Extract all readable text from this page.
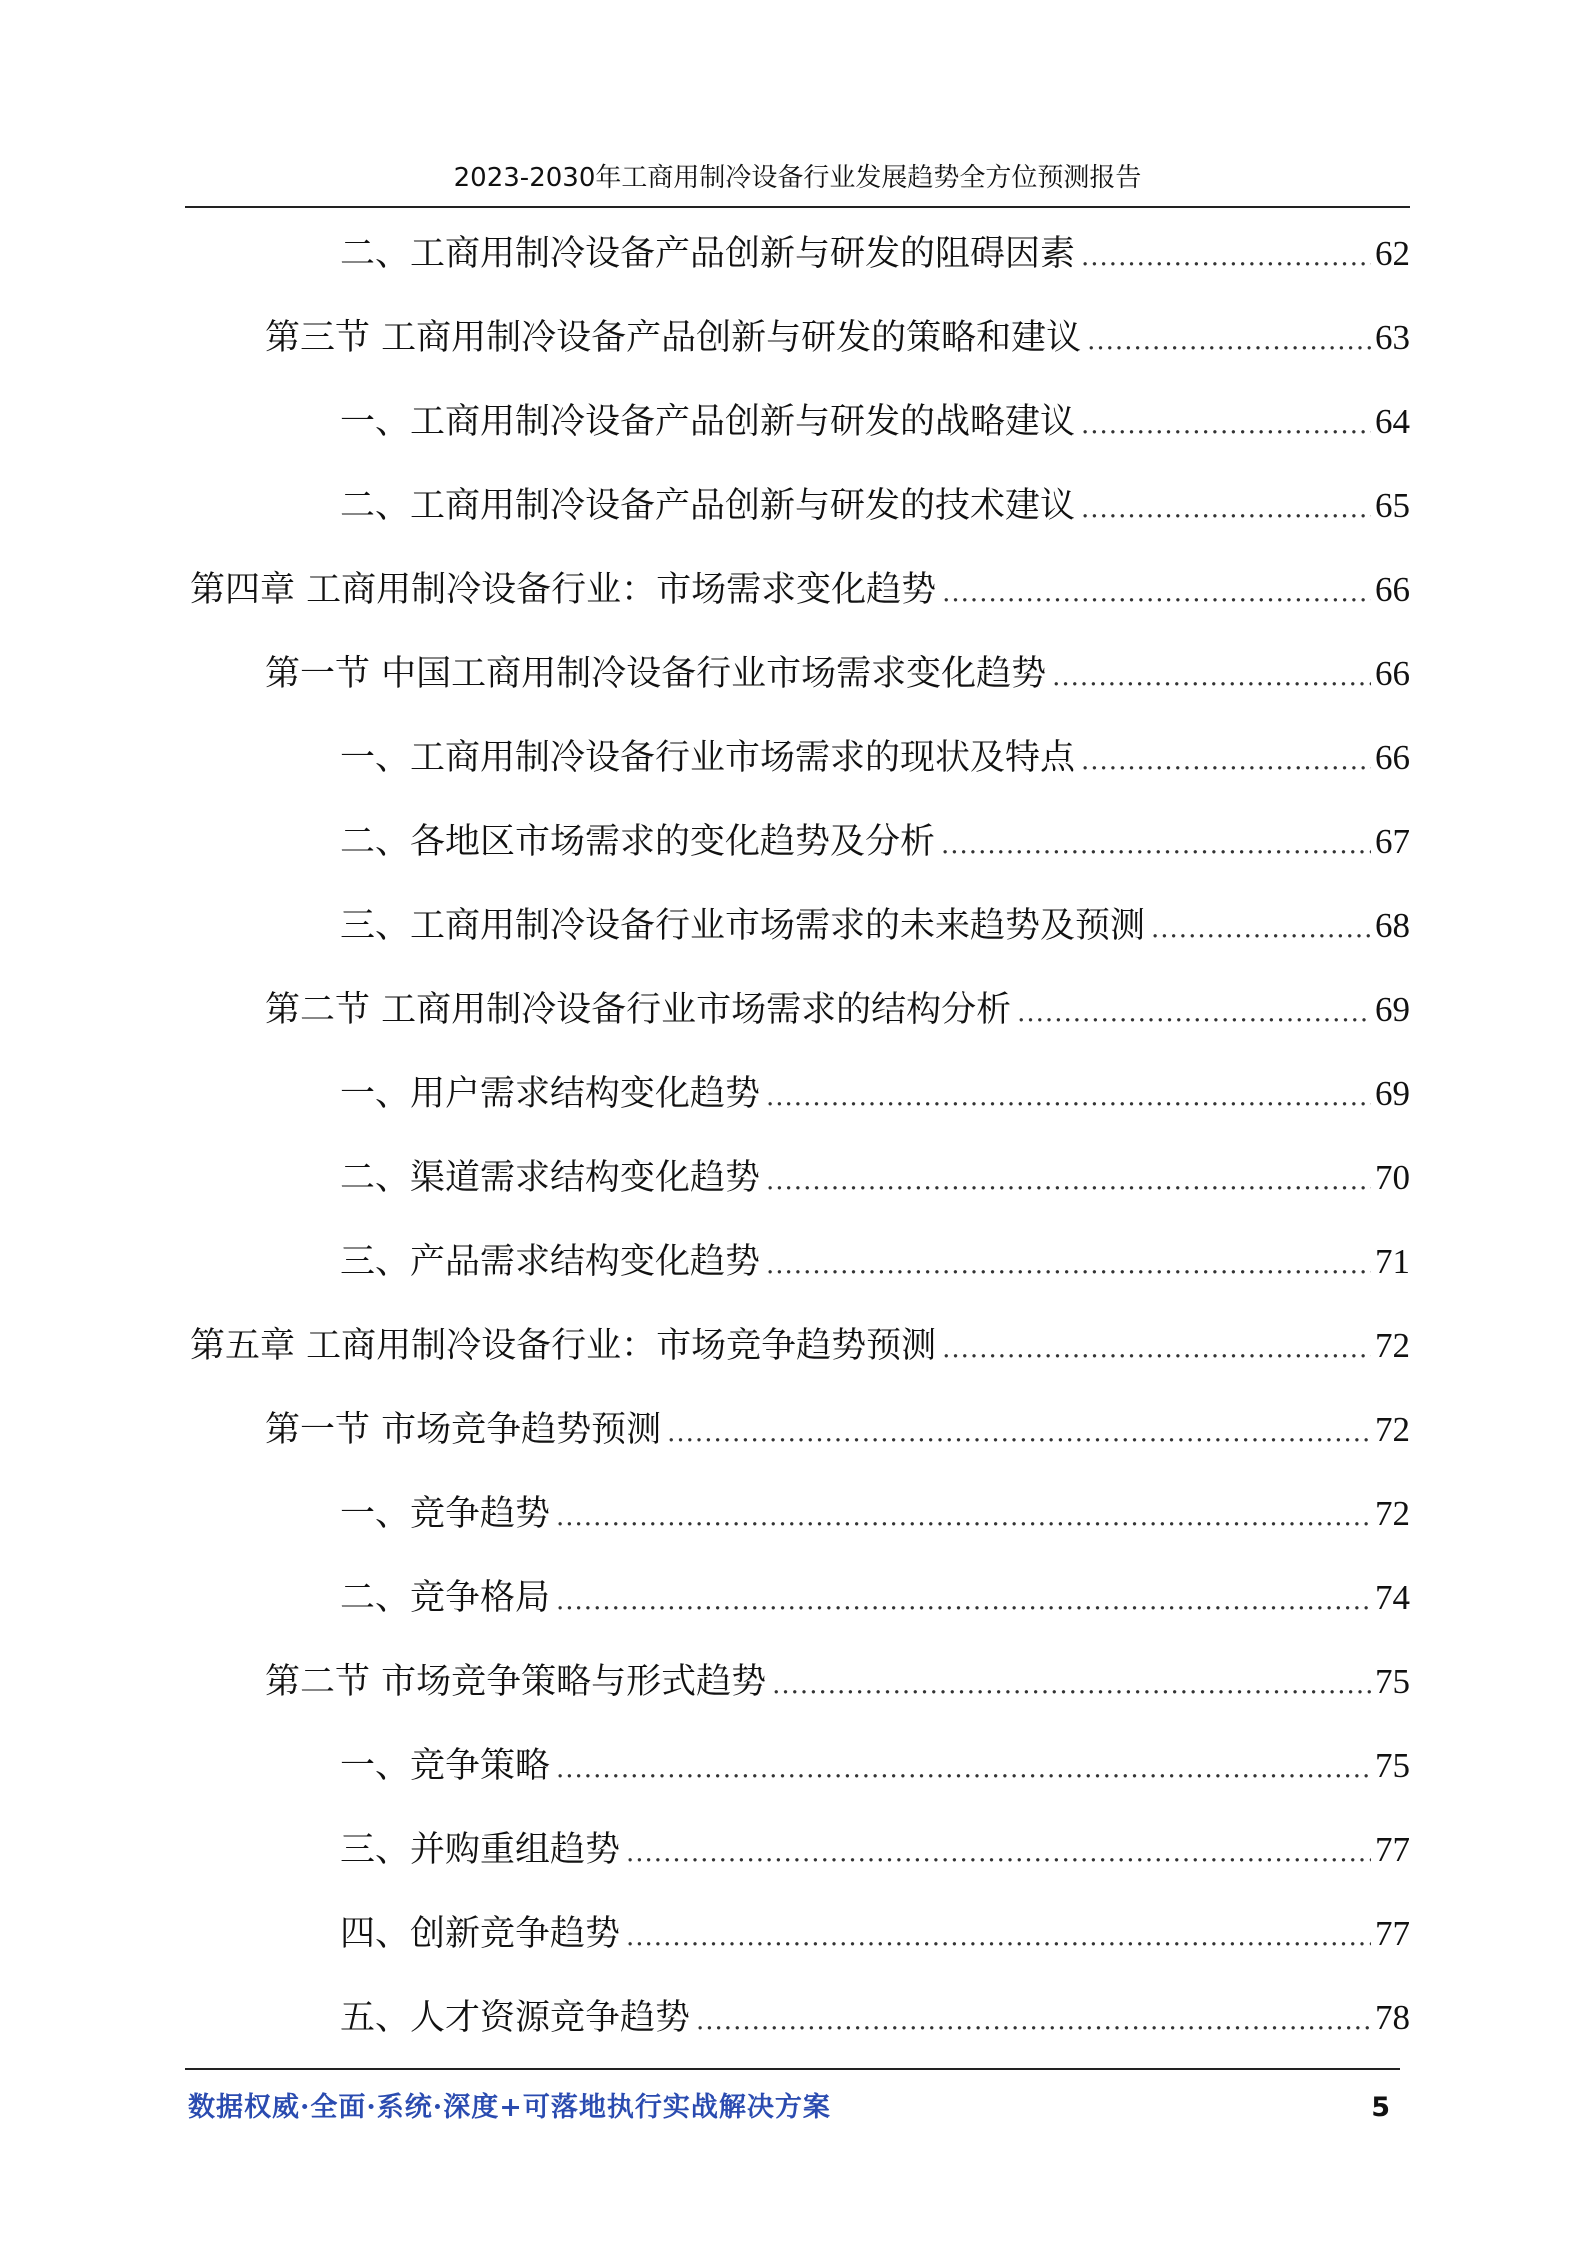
2023-2030年工商用制冷设备行业发展趋势全方位预测报告
二、工商用制冷设备产品创新与研发的阻碍因素 .....	62
第三节 工商用制冷设备产品创新与研发的策略和建议 .....	63
一、工商用制冷设备产品创新与研发的战略建议 .....	64
二、工商用制冷设备产品创新与研发的技术建议 .....	65
第四章 工商用制冷设备行业：市场需求变化趋势 .....	66
第一节 中国工商用制冷设备行业市场需求变化趋势 .....	66
一、工商用制冷设备行业市场需求的现状及特点 .....	66
二、各地区市场需求的变化趋势及分析 .....	67
三、工商用制冷设备行业市场需求的未来趋势及预测 .....	68
第二节 工商用制冷设备行业市场需求的结构分析 .....	69
一、用户需求结构变化趋势 .....	69
二、渠道需求结构变化趋势 .....	70
三、产品需求结构变化趋势 .....	71
第五章 工商用制冷设备行业：市场竞争趋势预测 .....	72
第一节 市场竞争趋势预测 .....	72
一、竞争趋势 .....	72
二、竞争格局 .....	74
第二节 市场竞争策略与形式趋势 .....	75
一、竞争策略 .....	75
三、并购重组趋势 .....	77
四、创新竞争趋势 .....	77
五、人才资源竞争趋势 .....	78
数据权威·全面·系统·深度+可落地执行实战解决方案	5
